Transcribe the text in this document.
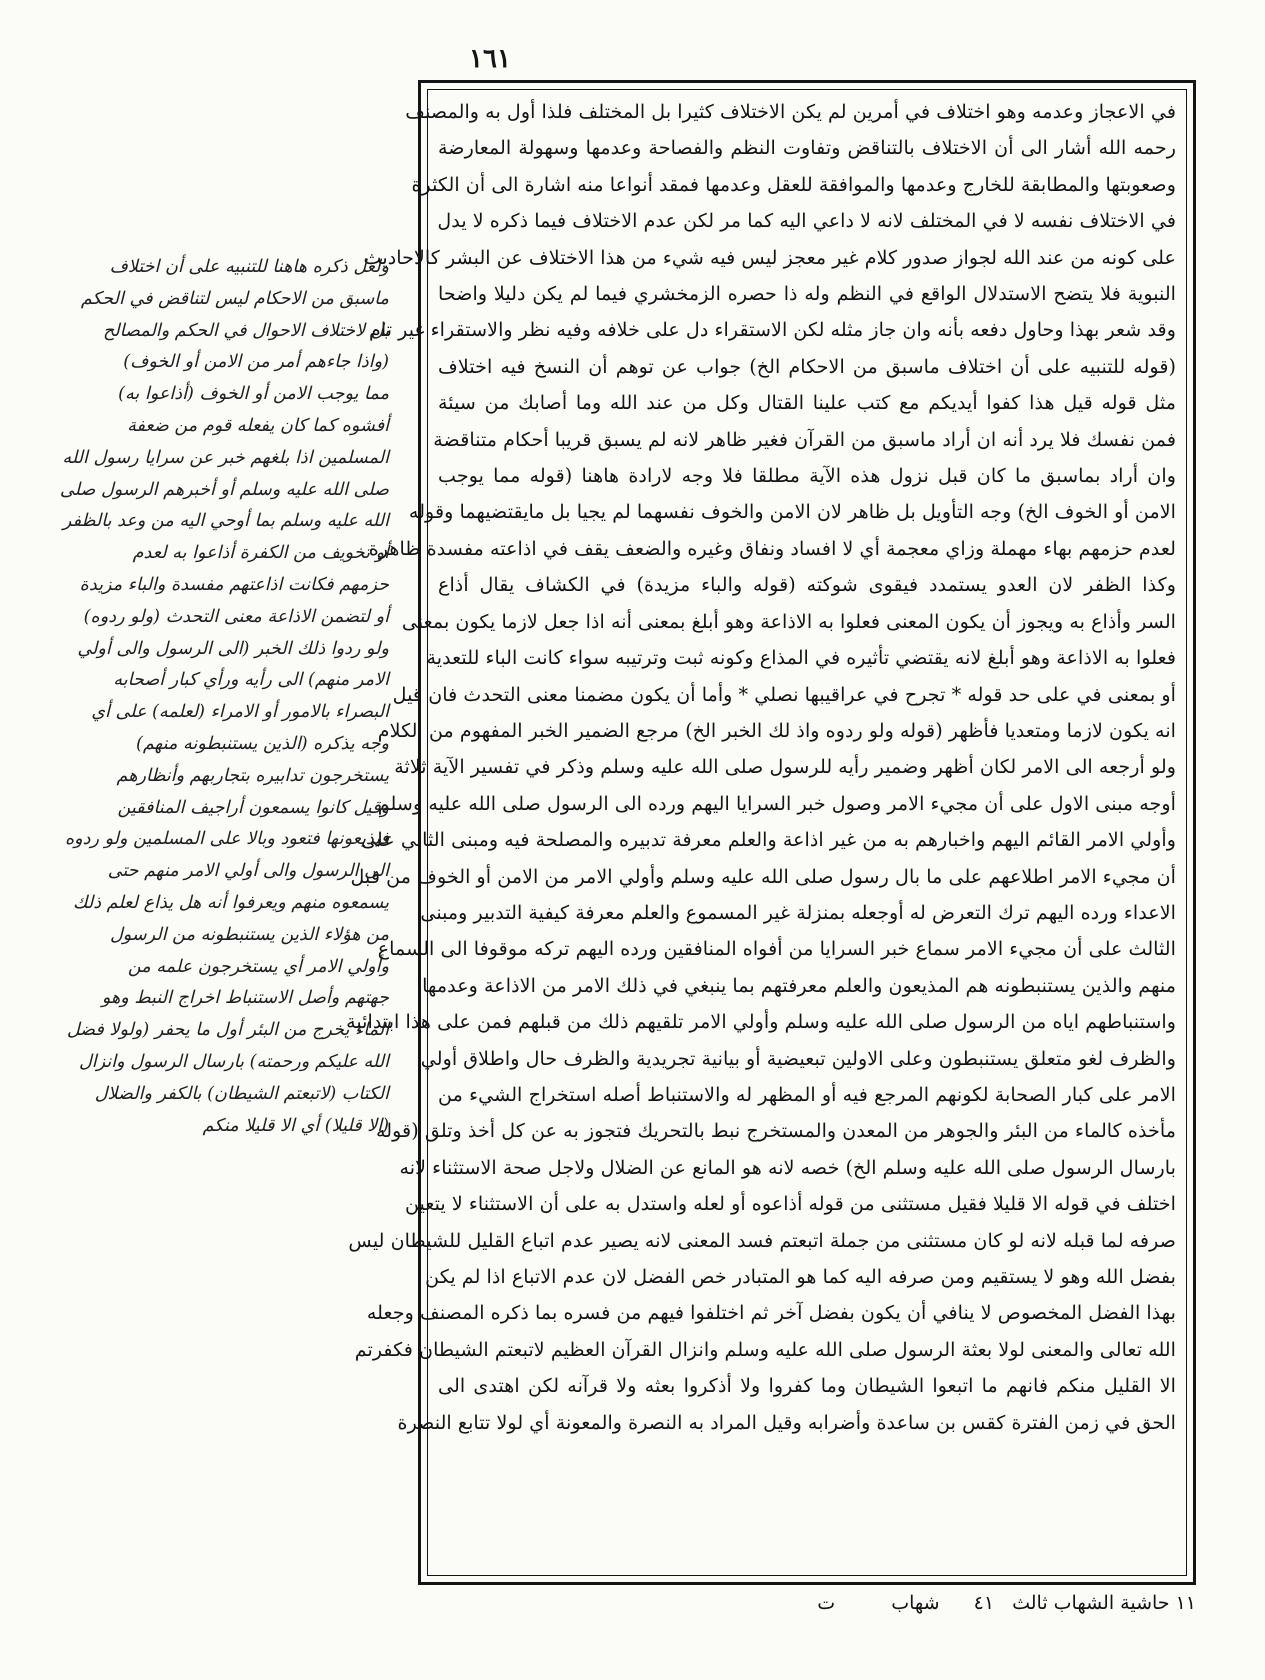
١٦١
في الاعجاز وعدمه وهو اختلاف في أمرين لم يكن الاختلاف كثيرا بل المختلف فلذا أول به والمصنف
رحمه الله أشار الى أن الاختلاف بالتناقض وتفاوت النظم والفصاحة وعدمها وسهولة المعارضة
وصعوبتها والمطابقة للخارج وعدمها والموافقة للعقل وعدمها فمقد أنواعا منه اشارة الى أن الكثرة
في الاختلاف نفسه لا في المختلف لانه لا داعي اليه كما مر لكن عدم الاختلاف فيما ذكره لا يدل
على كونه من عند الله لجواز صدور كلام غير معجز ليس فيه شيء من هذا الاختلاف عن البشر كالاحاديث
النبوية فلا يتضح الاستدلال الواقع في النظم وله ذا حصره الزمخشري فيما لم يكن دليلا واضحا
وقد شعر بهذا وحاول دفعه بأنه وان جاز مثله لكن الاستقراء دل على خلافه وفيه نظر والاستقراء غير تام
(قوله للتنبيه على أن اختلاف ماسبق من الاحكام الخ) جواب عن توهم أن النسخ فيه اختلاف
مثل قوله قيل هذا كفوا أيديكم مع كتب علينا القتال وكل من عند الله وما أصابك من سيئة
فمن نفسك فلا يرد أنه ان أراد ماسبق من القرآن فغير ظاهر لانه لم يسبق قريبا أحكام متناقضة
وان أراد بماسبق ما كان قبل نزول هذه الآية مطلقا فلا وجه لارادة هاهنا (قوله مما يوجب
الامن أو الخوف الخ) وجه التأويل بل ظاهر لان الامن والخوف نفسهما لم يجيا بل مايقتضيهما وقوله
لعدم حزمهم بهاء مهملة وزاي معجمة أي لا افساد ونفاق وغيره والضعف يقف في اذاعته مفسدة ظاهرة
وكذا الظفر لان العدو يستمدد فيقوى شوكته (قوله والباء مزيدة) في الكشاف يقال أذاع
السر وأذاع به ويجوز أن يكون المعنى فعلوا به الاذاعة وهو أبلغ بمعنى أنه اذا جعل لازما يكون بمعنى
فعلوا به الاذاعة وهو أبلغ لانه يقتضي تأثيره في المذاع وكونه ثبت وترتيبه سواء كانت الباء للتعدية
أو بمعنى في على حد قوله * تجرح في عراقيبها نصلي * وأما أن يكون مضمنا معنى التحدث فان قيل
انه يكون لازما ومتعديا فأظهر (قوله ولو ردوه واذ لك الخبر الخ) مرجع الضمير الخبر المفهوم من الكلام
ولو أرجعه الى الامر لكان أظهر وضمير رأيه للرسول صلى الله عليه وسلم وذكر في تفسير الآية ثلاثة
أوجه مبنى الاول على أن مجيء الامر وصول خبر السرايا اليهم ورده الى الرسول صلى الله عليه وسلم
وأولي الامر القائم اليهم واخبارهم به من غير اذاعة والعلم معرفة تدبيره والمصلحة فيه ومبنى الثاني على
أن مجيء الامر اطلاعهم على ما بال رسول صلى الله عليه وسلم وأولي الامر من الامن أو الخوف من قبل
الاعداء ورده اليهم ترك التعرض له أوجعله بمنزلة غير المسموع والعلم معرفة كيفية التدبير ومبنى
الثالث على أن مجيء الامر سماع خبر السرايا من أفواه المنافقين ورده اليهم تركه موقوفا الى السماع
منهم والذين يستنبطونه هم المذيعون والعلم معرفتهم بما ينبغي في ذلك الامر من الاذاعة وعدمها
واستنباطهم اياه من الرسول صلى الله عليه وسلم وأولي الامر تلقيهم ذلك من قبلهم فمن على هذا ابتدائية
والظرف لغو متعلق يستنبطون وعلى الاولين تبعيضية أو بيانية تجريدية والظرف حال واطلاق أولي
الامر على كبار الصحابة لكونهم المرجع فيه أو المظهر له والاستنباط أصله استخراج الشيء من
مأخذه كالماء من البئر والجوهر من المعدن والمستخرج نبط بالتحريك فتجوز به عن كل أخذ وتلق (قوله
بارسال الرسول صلى الله عليه وسلم الخ) خصه لانه هو المانع عن الضلال ولاجل صحة الاستثناء لانه
اختلف في قوله الا قليلا فقيل مستثنى من قوله أذاعوه أو لعله واستدل به على أن الاستثناء لا يتعين
صرفه لما قبله لانه لو كان مستثنى من جملة اتبعتم فسد المعنى لانه يصير عدم اتباع القليل للشيطان ليس
بفضل الله وهو لا يستقيم ومن صرفه اليه كما هو المتبادر خص الفضل لان عدم الاتباع اذا لم يكن
بهذا الفضل المخصوص لا ينافي أن يكون بفضل آخر ثم اختلفوا فيهم من فسره بما ذكره المصنف وجعله
الله تعالى والمعنى لولا بعثة الرسول صلى الله عليه وسلم وانزال القرآن العظيم لاتبعتم الشيطان فكفرتم
الا القليل منكم فانهم ما اتبعوا الشيطان وما كفروا ولا أذكروا بعثه ولا قرآنه لكن اهتدى الى
الحق في زمن الفترة كقس بن ساعدة وأضرابه وقيل المراد به النصرة والمعونة أي لولا تتابع النصرة
ولعل ذكره هاهنا للتنبيه على أن اختلاف
ماسبق من الاحكام ليس لتناقض في الحكم
بل لاختلاف الاحوال في الحكم والمصالح
(واذا جاءهم أمر من الامن أو الخوف)
مما يوجب الامن أو الخوف (أذاعوا به)
أفشوه كما كان يفعله قوم من ضعفة
المسلمين اذا بلغهم خبر عن سرايا رسول الله
صلى الله عليه وسلم أو أخبرهم الرسول صلى
الله عليه وسلم بما أوحي اليه من وعد بالظفر
أو تخويف من الكفرة أذاعوا به لعدم
حزمهم فكانت اذاعتهم مفسدة والباء مزيدة
أو لتضمن الاذاعة معنى التحدث (ولو ردوه)
ولو ردوا ذلك الخبر (الى الرسول والى أولي
الامر منهم) الى رأيه ورأي كبار أصحابه
البصراء بالامور أو الامراء (لعلمه) على أي
وجه يذكره (الذين يستنبطونه منهم)
يستخرجون تدابيره بتجاربهم وأنظارهم
وقيل كانوا يسمعون أراجيف المنافقين
فيذيعونها فتعود وبالا على المسلمين ولو ردوه
الى الرسول والى أولي الامر منهم حتى
يسمعوه منهم ويعرفوا أنه هل يذاع لعلم ذلك
من هؤلاء الذين يستنبطونه من الرسول
وأولي الامر أي يستخرجون علمه من
جهتهم وأصل الاستنباط اخراج النبط وهو
الماء يخرج من البئر أول ما يحفر (ولولا فضل
الله عليكم ورحمته) بارسال الرسول وانزال
الكتاب (لاتبعتم الشيطان) بالكفر والضلال
(الا قليلا) أي الا قليلا منكم
١١ حاشية الشهاب ثالث ٤١ شهاب ت
